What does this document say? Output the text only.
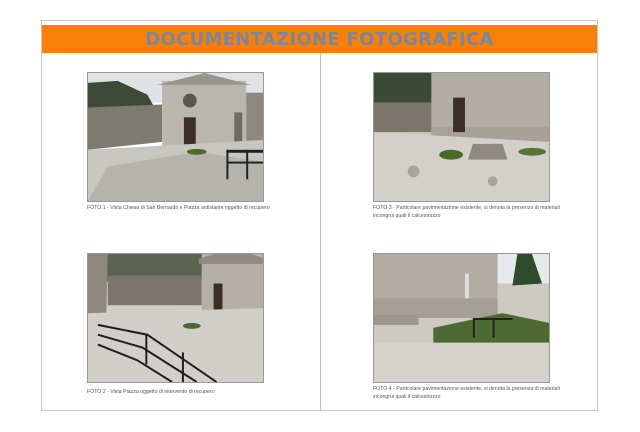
DOCUMENTAZIONE FOTOGRAFICA
FOTO 1 - Vista Chiesa di San Bernardo e Piazza antistante oggetto di recupero	FOTO 3 - Particolare pavimentazione esistente, si denota la presenza di materiali incongrui quali il calcestruzzo
FOTO 2 - Vista Piazza oggetto di intervento di recupero	FOTO 4 - Particolare pavimentazione esistente, si denota la presenza di materiali incongrui quali il calcestruzzo
